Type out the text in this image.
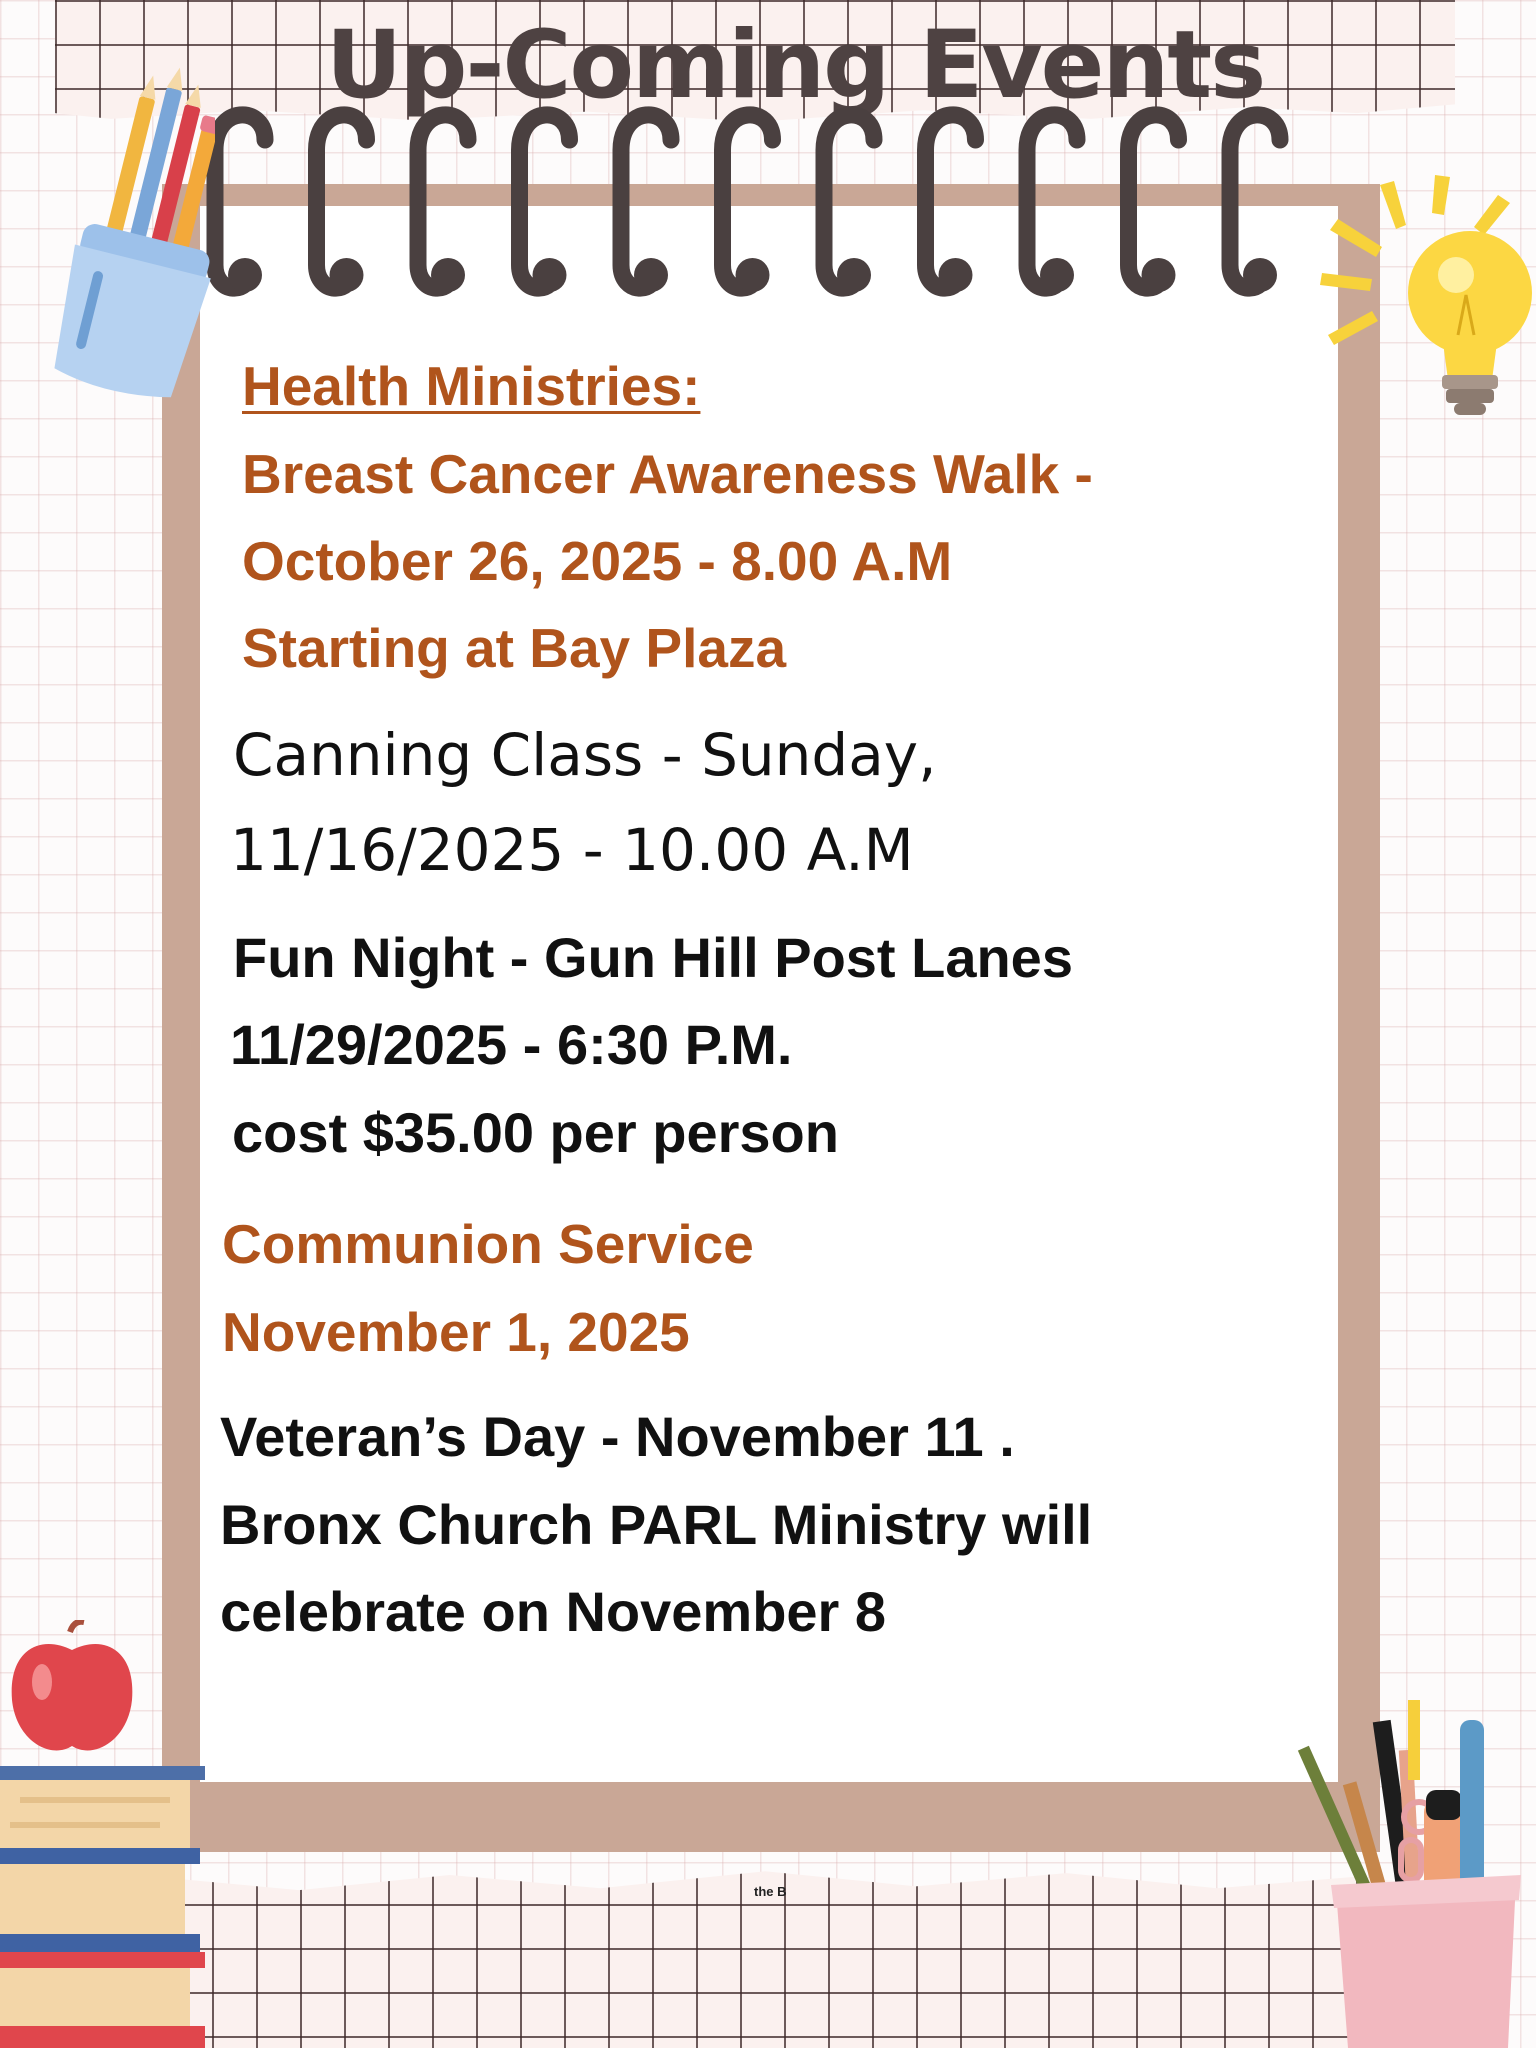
Up-Coming Events

Health Ministries:

Breast Cancer Awareness Walk -

October 26, 2025 - 8.00 A.M

Starting at Bay Plaza

Canning Class - Sunday,

11/16/2025 - 10.00 A.M

Fun Night - Gun Hill Post Lanes

11/29/2025 - 6:30 P.M.

cost $35.00 per person

Communion Service

November 1, 2025

Veteran’s Day - November 11 .

Bronx Church PARL Ministry will

celebrate on November 8

the B
